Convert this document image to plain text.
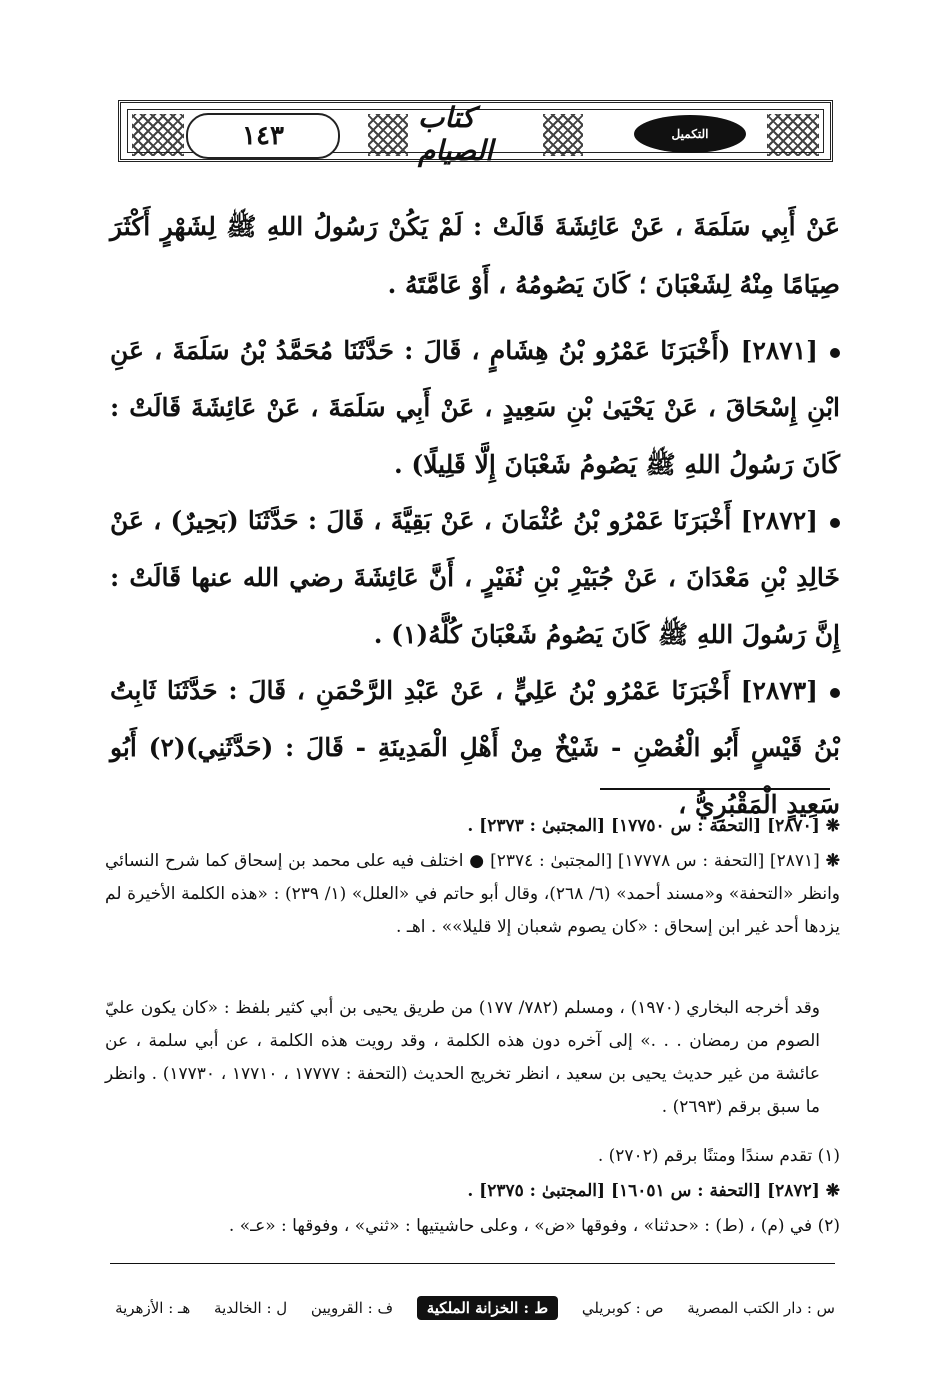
١٤٣
كتاب الصيام	التكميل
عَنْ أَبِي سَلَمَةَ ، عَنْ عَائِشَةَ قَالَتْ : لَمْ يَكُنْ رَسُولُ اللهِ ﷺ لِشَهْرٍ أَكْثَرَ صِيَامًا مِنْهُ لِشَعْبَانَ ؛ كَانَ يَصُومُهُ ، أَوْ عَامَّتَهُ .
[٢٨٧١] (أَخْبَرَنَا عَمْرُو بْنُ هِشَامٍ ، قَالَ : حَدَّثَنَا مُحَمَّدُ بْنُ سَلَمَةَ ، عَنِ ابْنِ إِسْحَاقَ ، عَنْ يَحْيَىٰ بْنِ سَعِيدٍ ، عَنْ أَبِي سَلَمَةَ ، عَنْ عَائِشَةَ قَالَتْ : كَانَ رَسُولُ اللهِ ﷺ يَصُومُ شَعْبَانَ إِلَّا قَلِيلًا) .
[٢٨٧٢] أَخْبَرَنَا عَمْرُو بْنُ عُثْمَانَ ، عَنْ بَقِيَّةَ ، قَالَ : حَدَّثَنَا (بَحِيرٌ) ، عَنْ خَالِدِ بْنِ مَعْدَانَ ، عَنْ جُبَيْرِ بْنِ نُفَيْرٍ ، أَنَّ عَائِشَةَ رضي الله عنها قَالَتْ : إِنَّ رَسُولَ اللهِ ﷺ كَانَ يَصُومُ شَعْبَانَ كُلَّهُ(١) .
[٢٨٧٣] أَخْبَرَنَا عَمْرُو بْنُ عَلِيٍّ ، عَنْ عَبْدِ الرَّحْمَنِ ، قَالَ : حَدَّثَنَا ثَابِتُ بْنُ قَيْسٍ أَبُو الْغُصْنِ - شَيْخٌ مِنْ أَهْلِ الْمَدِينَةِ - قَالَ : (حَدَّثَنِي)(٢) أَبُو سَعِيدٍ الْمَقْبُرِيُّ ،
❋[٢٨٧٠] [التحفة : س ١٧٧٥٠] [المجتبىٰ : ٢٣٧٣] .
❋[٢٨٧١] [التحفة : س ١٧٧٧٨] [المجتبىٰ : ٢٣٧٤] ● اختلف فيه على محمد بن إسحاق كما شرح النسائي وانظر «التحفة» و«مسند أحمد» (٦/ ٢٦٨)، وقال أبو حاتم في «العلل» (١/ ٢٣٩) : «هذه الكلمة الأخيرة لم يزدها أحد غير ابن إسحاق : «كان يصوم شعبان إلا قليلا»» . اهـ .
وقد أخرجه البخاري (١٩٧٠) ، ومسلم (٧٨٢/ ١٧٧) من طريق يحيى بن أبي كثير بلفظ : «كان يكون عليّ الصوم من رمضان . . .» إلى آخره دون هذه الكلمة ، وقد رويت هذه الكلمة ، عن أبي سلمة ، عن عائشة من غير حديث يحيى بن سعيد ، انظر تخريج الحديث (التحفة : ١٧٧٧٧ ، ١٧٧١٠ ، ١٧٧٣٠) . وانظر ما سبق برقم (٢٦٩٣) .
(١) تقدم سندًا ومتنًا برقم (٢٧٠٢) .
❋[٢٨٧٢] [التحفة : س ١٦٠٥١] [المجتبىٰ : ٢٣٧٥] .
(٢) في (م) ، (ط) : «حدثنا» ، وفوقها «ض» ، وعلى حاشيتيها : «ثني» ، وفوقها : «عـ» .
س : دار الكتب المصرية
ص : كوبريلي
ط : الخزانة الملكية
ف : القرويين
ل : الخالدية
هـ : الأزهرية
